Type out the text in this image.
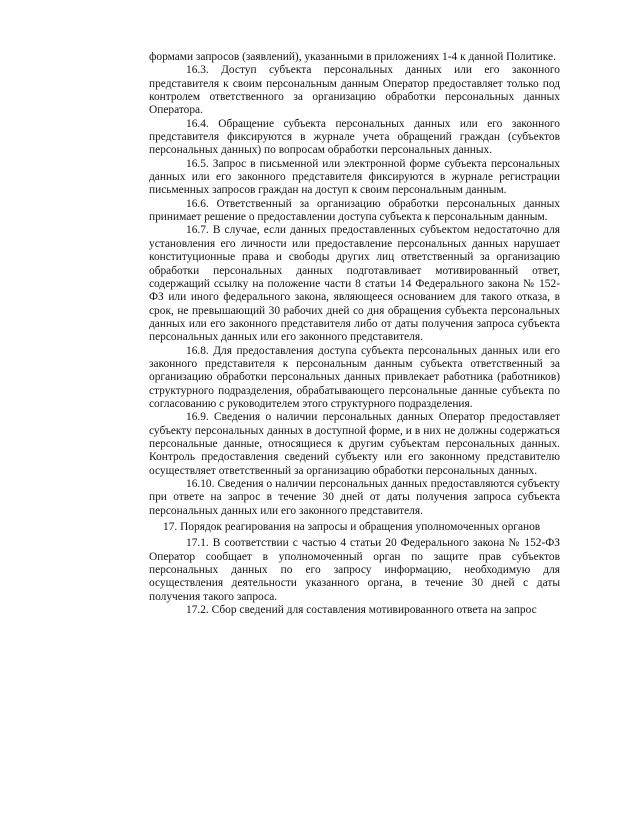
формами запросов (заявлений), указанными в приложениях 1-4 к данной Политике.

16.3. Доступ субъекта персональных данных или его законного представителя к своим персональным данным Оператор предоставляет только под контролем ответственного за организацию обработки персональных данных Оператора.

16.4. Обращение субъекта персональных данных или его законного представителя фиксируются в журнале учета обращений граждан (субъектов персональных данных) по вопросам обработки персональных данных.

16.5. Запрос в письменной или электронной форме субъекта персональных данных или его законного представителя фиксируются в журнале регистрации письменных запросов граждан на доступ к своим персональным данным.

16.6. Ответственный за организацию обработки персональных данных принимает решение о предоставлении доступа субъекта к персональным данным.

16.7. В случае, если данных предоставленных субъектом недостаточно для установления его личности или предоставление персональных данных нарушает конституционные права и свободы других лиц ответственный за организацию обработки персональных данных подготавливает мотивированный ответ, содержащий ссылку на положение части 8 статьи 14 Федерального закона № 152-ФЗ или иного федерального закона, являющееся основанием для такого отказа, в срок, не превышающий 30 рабочих дней со дня обращения субъекта персональных данных или его законного представителя либо от даты получения запроса субъекта персональных данных или его законного представителя.

16.8. Для предоставления доступа субъекта персональных данных или его законного представителя к персональным данным субъекта ответственный за организацию обработки персональных данных привлекает работника (работников) структурного подразделения, обрабатывающего персональные данные субъекта по согласованию с руководителем этого структурного подразделения.

16.9. Сведения о наличии персональных данных Оператор предоставляет субъекту персональных данных в доступной форме, и в них не должны содержаться персональные данные, относящиеся к другим субъектам персональных данных. Контроль предоставления сведений субъекту или его законному представителю осуществляет ответственный за организацию обработки персональных данных.

16.10. Сведения о наличии персональных данных предоставляются субъекту при ответе на запрос в течение 30 дней от даты получения запроса субъекта персональных данных или его законного представителя.

17. Порядок реагирования на запросы и обращения уполномоченных органов

17.1. В соответствии с частью 4 статьи 20 Федерального закона № 152-ФЗ Оператор сообщает в уполномоченный орган по защите прав субъектов персональных данных по его запросу информацию, необходимую для осуществления деятельности указанного органа, в течение 30 дней с даты получения такого запроса.

17.2. Сбор сведений для составления мотивированного ответа на запрос
